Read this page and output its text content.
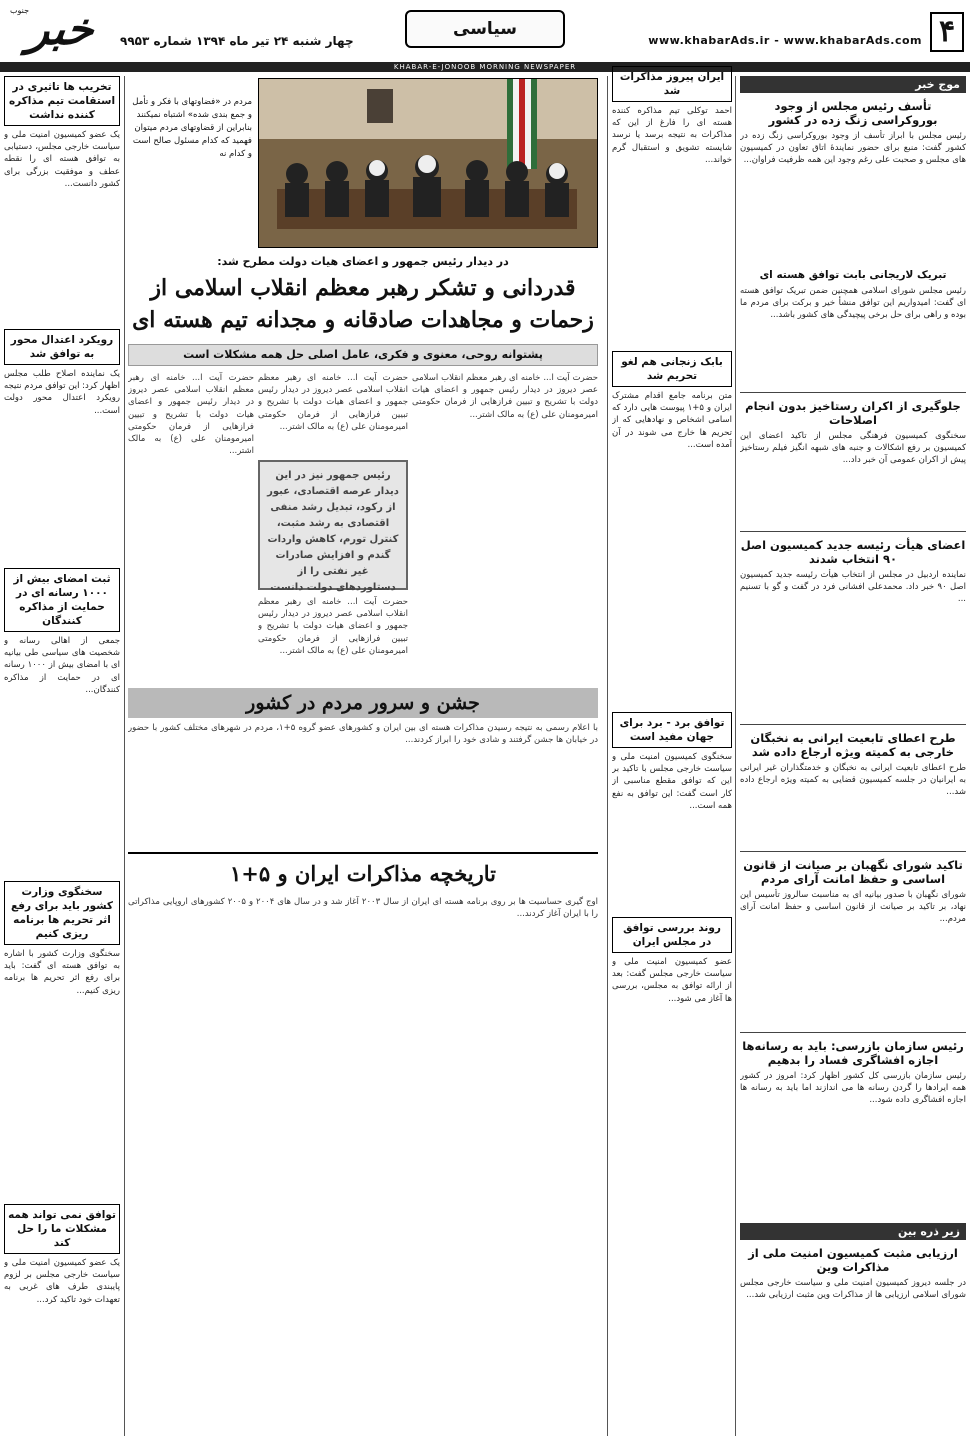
۴
www.khabarAds.ir - www.khabarAds.com
سیاسی
چهار شنبه ۲۴ تیر ماه ۱۳۹۴ شماره ۹۹۵۳
خبر
جنوب
KHABAR-E-JONOOB MORNING NEWSPAPER
موج خبر
تأسف رئیس مجلس از وجود بوروکراسی زنگ زده در کشور
رئیس مجلس با ابراز تأسف از وجود بوروکراسی زنگ زده در کشور گفت: منبع برای حضور نمایندۀ اتاق تعاون در کمیسیون های مجلس و صحبت علی رغم وجود این همه ظرفیت فراوان...
تبریک لاریجانی بابت توافق هسته ای
رئیس مجلس شورای اسلامی همچنین ضمن تبریک توافق هسته ای گفت: امیدواریم این توافق منشأ خیر و برکت برای مردم ما بوده و راهی برای حل برخی پیچیدگی های کشور باشد...
جلوگیری از اکران رستاخیز بدون انجام اصلاحات
سخنگوی کمیسیون فرهنگی مجلس از تاکید اعضای این کمیسیون بر رفع اشکالات و جنبه های شبهه انگیز فیلم رستاخیز پیش از اکران عمومی آن خبر داد...
اعضای هیأت رئیسه جدید کمیسیون اصل ۹۰ انتخاب شدند
نماینده اردبیل در مجلس از انتخاب هیأت رئیسه جدید کمیسیون اصل ۹۰ خبر داد. محمدعلی افشانی فرد در گفت و گو با تسنیم ...
طرح اعطای تابعیت ایرانی به نخبگان خارجی به کمیته ویژه ارجاع داده شد
طرح اعطای تابعیت ایرانی به نخبگان و خدمتگذاران غیر ایرانی به ایرانیان در جلسه کمیسیون قضایی به کمیته ویژه ارجاع داده شد...
تاکید شورای نگهبان بر صیانت از قانون اساسی و حفظ امانت آرای مردم
شورای نگهبان با صدور بیانیه ای به مناسبت سالروز تأسیس این نهاد، بر تاکید بر صیانت از قانون اساسی و حفظ امانت آرای مردم...
رئیس سازمان بازرسی: باید به رسانه‌ها اجازه افشاگری فساد را بدهیم
رئیس سازمان بازرسی کل کشور اظهار کرد: امروز در کشور همه ایرادها را گردن رسانه ها می اندازند اما باید به رسانه ها اجازه افشاگری داده شود...
زیر ذره بین
ارزیابی مثبت کمیسیون امنیت ملی از مذاکرات وین
در جلسه دیروز کمیسیون امنیت ملی و سیاست خارجی مجلس شورای اسلامی ارزیابی ها از مذاکرات وین مثبت ارزیابی شد...
ایران پیروز مذاکرات شد
احمد توکلی تیم مذاکره کننده هسته ای را فارغ از این که مذاکرات به نتیجه برسد یا نرسد شایسته تشویق و استقبال گرم خواند...
بابک زنجانی هم لغو تحریم شد
متن برنامه جامع اقدام مشترک ایران و ۵+۱ پیوست هایی دارد که اسامی اشخاص و نهادهایی که از تحریم ها خارج می شوند در آن آمده است...
توافق برد - برد برای جهان مفید است
سخنگوی کمیسیون امنیت ملی و سیاست خارجی مجلس با تاکید بر این که توافق مقطع مناسبی از کار است گفت: این توافق به نفع همه است...
روند بررسی توافق در مجلس ایران
عضو کمیسیون امنیت ملی و سیاست خارجی مجلس گفت: بعد از ارائه توافق به مجلس، بررسی ها آغاز می شود...
مردم در «فضاوتهای با فکر و تأمل و جمع بندی شده» اشتباه نمیکنند بنابراین از قضاوتهای مردم میتوان فهمید که کدام مسئول صالح است و کدام نه
در دیدار رئیس جمهور و اعضای هیات دولت مطرح شد:
قدردانی و تشکر رهبر معظم انقلاب اسلامی از زحمات و مجاهدات صادقانه و مجدانه تیم هسته ای
پشتوانه روحی، معنوی و فکری، عامل اصلی حل همه مشکلات است
حضرت آیت ا... خامنه ای رهبر معظم انقلاب اسلامی عصر دیروز در دیدار رئیس جمهور و اعضای هیات دولت با تشریح و تبیین فرازهایی از فرمان حکومتی امیرمومنان علی (ع) به مالک اشتر...
حضرت آیت ا... خامنه ای رهبر معظم انقلاب اسلامی عصر دیروز در دیدار رئیس جمهور و اعضای هیات دولت با تشریح و تبیین فرازهایی از فرمان حکومتی امیرمومنان علی (ع) به مالک اشتر...
رئیس جمهور نیز در این دیدار عرصه اقتصادی، عبور از رکود، تبدیل رشد منفی اقتصادی به رشد مثبت، کنترل تورم، کاهش واردات گندم و افزایش صادرات غیر نفتی را از دستاوردهای دولت دانست
حضرت آیت ا... خامنه ای رهبر معظم انقلاب اسلامی عصر دیروز در دیدار رئیس جمهور و اعضای هیات دولت با تشریح و تبیین فرازهایی از فرمان حکومتی امیرمومنان علی (ع) به مالک اشتر...
حضرت آیت ا... خامنه ای رهبر معظم انقلاب اسلامی عصر دیروز در دیدار رئیس جمهور و اعضای هیات دولت با تشریح و تبیین فرازهایی از فرمان حکومتی امیرمومنان علی (ع) به مالک اشتر...
جشن و سرور مردم در کشور
با اعلام رسمی به نتیجه رسیدن مذاکرات هسته ای بین ایران و کشورهای عضو گروه ۵+۱، مردم در شهرهای مختلف کشور با حضور در خیابان ها جشن گرفتند و شادی خود را ابراز کردند...
تاریخچه مذاکرات ایران و ۵+۱
اوج گیری حساسیت ها بر روی برنامه هسته ای ایران از سال ۲۰۰۳ آغاز شد و در سال های ۲۰۰۴ و ۲۰۰۵ کشورهای اروپایی مذاکراتی را با ایران آغاز کردند...
تخریب ها تاثیری در استقامت تیم مذاکره کننده نداشت
یک عضو کمیسیون امنیت ملی و سیاست خارجی مجلس، دستیابی به توافق هسته ای را نقطه عطف و موفقیت بزرگی برای کشور دانست...
رویکرد اعتدال محور به توافق شد
یک نماینده اصلاح طلب مجلس اظهار کرد: این توافق مردم نتیجه رویکرد اعتدال محور دولت است...
ثبت امضای بیش از ۱۰۰۰ رسانه ای در حمایت از مذاکره کنندگان
جمعی از اهالی رسانه و شخصیت های سیاسی طی بیانیه ای با امضای بیش از ۱۰۰۰ رسانه ای در حمایت از مذاکره کنندگان...
سخنگوی وزارت کشور باید برای رفع اثر تحریم ها برنامه ریزی کنیم
سخنگوی وزارت کشور با اشاره به توافق هسته ای گفت: باید برای رفع اثر تحریم ها برنامه ریزی کنیم...
توافق نمی تواند همه مشکلات ما را حل کند
یک عضو کمیسیون امنیت ملی و سیاست خارجی مجلس بر لزوم پایبندی طرف های غربی به تعهدات خود تاکید کرد...
